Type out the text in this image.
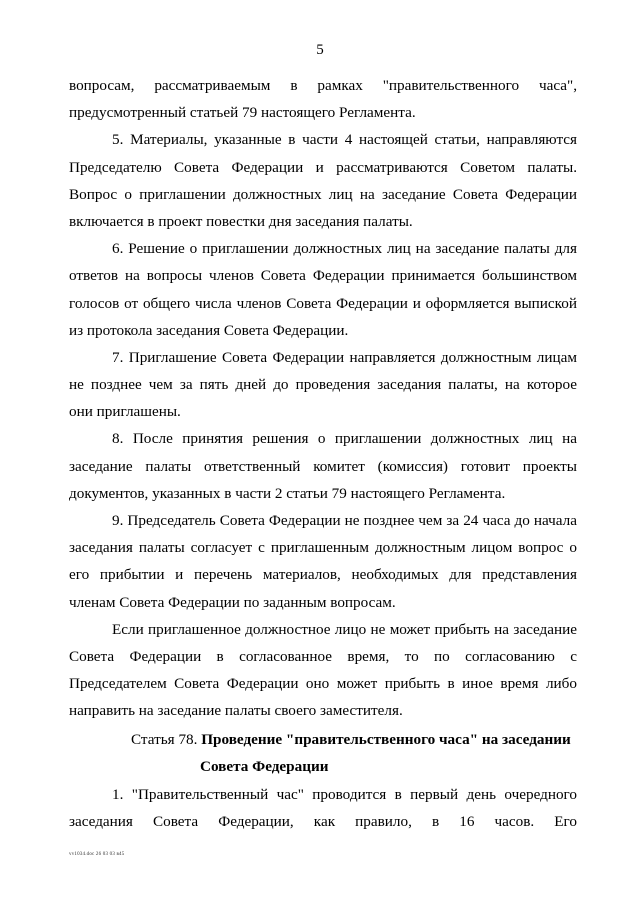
5
вопросам, рассматриваемым в рамках "правительственного часа",
предусмотренный статьей 79 настоящего Регламента.
5. Материалы, указанные в части 4 настоящей статьи, направляются
Председателю Совета Федерации и рассматриваются Советом палаты.
Вопрос о приглашении должностных лиц на заседание Совета Федерации
включается в проект повестки дня заседания палаты.
6. Решение о приглашении должностных лиц на заседание палаты для
ответов на вопросы членов Совета Федерации принимается большинством
голосов от общего числа членов Совета Федерации и оформляется выпиской
из протокола заседания Совета Федерации.
7. Приглашение Совета Федерации направляется должностным лицам
не позднее чем за пять дней до проведения заседания палаты, на которое
они приглашены.
8. После принятия решения о приглашении должностных лиц на
заседание палаты ответственный комитет (комиссия) готовит проекты
документов, указанных в части 2 статьи 79 настоящего Регламента.
9. Председатель Совета Федерации не позднее чем за 24 часа до начала
заседания палаты согласует с приглашенным должностным лицом вопрос о
его прибытии и перечень материалов, необходимых для представления
членам Совета Федерации по заданным вопросам.
Если приглашенное должностное лицо не может прибыть на заседание
Совета Федерации в согласованное время, то по согласованию с
Председателем Совета Федерации оно может прибыть в иное время либо
направить на заседание палаты своего заместителя.
Статья 78. Проведение "правительственного часа" на заседании
Совета Федерации
1. "Правительственный час" проводится в первый день очередного
заседания Совета Федерации, как правило, в 16 часов. Его
vv1034.doc 26 03 03 в45
